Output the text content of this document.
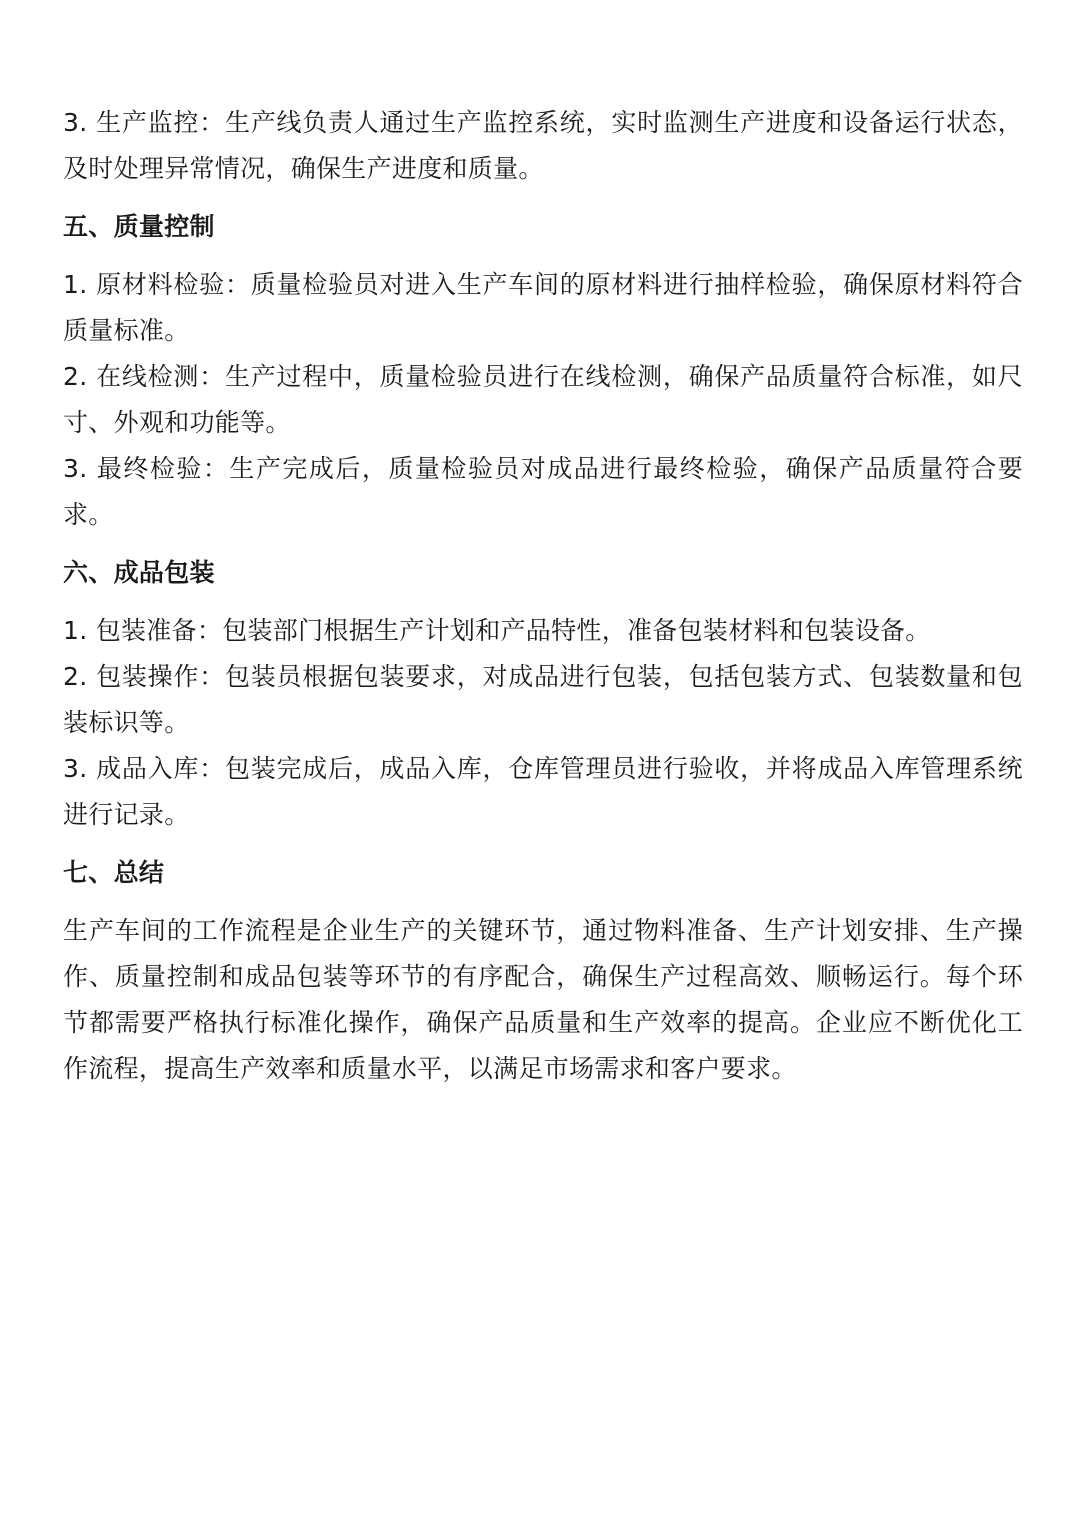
3. 生产监控：生产线负责人通过生产监控系统，实时监测生产进度和设备运行状态，及时处理异常情况，确保生产进度和质量。

五、质量控制

1. 原材料检验：质量检验员对进入生产车间的原材料进行抽样检验，确保原材料符合质量标准。

2. 在线检测：生产过程中，质量检验员进行在线检测，确保产品质量符合标准，如尺寸、外观和功能等。

3. 最终检验：生产完成后，质量检验员对成品进行最终检验，确保产品质量符合要求。

六、成品包装

1. 包装准备：包装部门根据生产计划和产品特性，准备包装材料和包装设备。

2. 包装操作：包装员根据包装要求，对成品进行包装，包括包装方式、包装数量和包装标识等。

3. 成品入库：包装完成后，成品入库，仓库管理员进行验收，并将成品入库管理系统进行记录。

七、总结

生产车间的工作流程是企业生产的关键环节，通过物料准备、生产计划安排、生产操作、质量控制和成品包装等环节的有序配合，确保生产过程高效、顺畅运行。每个环节都需要严格执行标准化操作，确保产品质量和生产效率的提高。企业应不断优化工作流程，提高生产效率和质量水平，以满足市场需求和客户要求。
